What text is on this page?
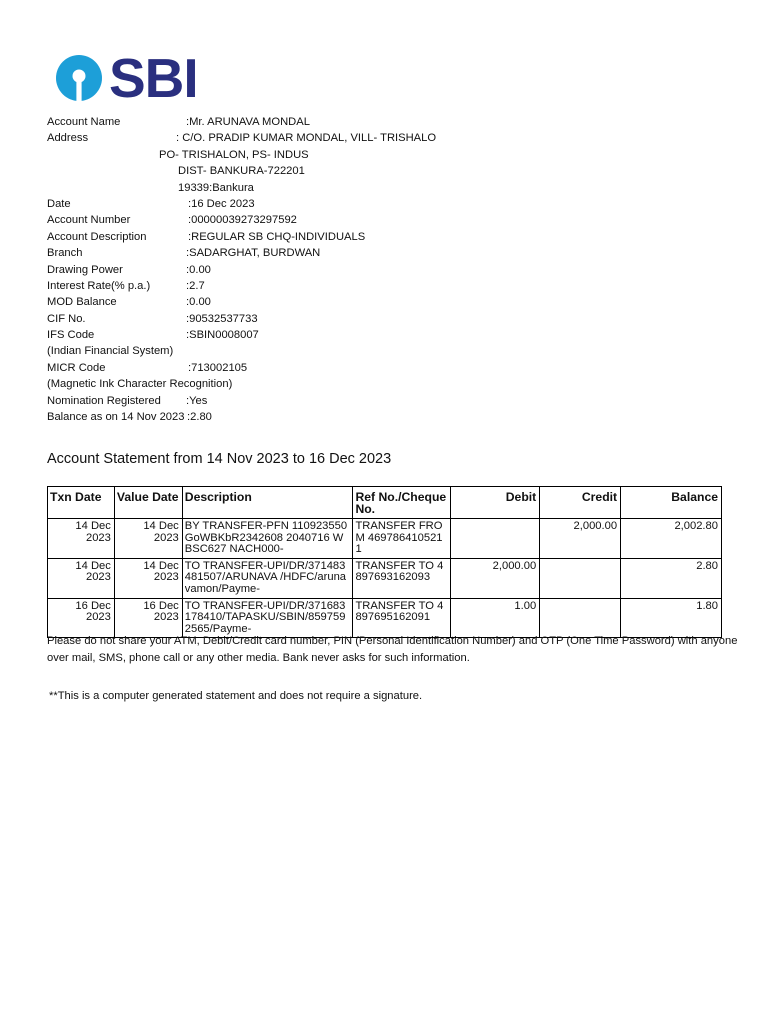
SBI
Account Name	:Mr. ARUNAVA MONDAL
Address	: C/O. PRADIP KUMAR MONDAL, VILL- TRISHALO
PO- TRISHALON, PS- INDUS
DIST- BANKURA-722201
19339:Bankura
Date	:16 Dec 2023
Account Number	:00000039273297592
Account Description	:REGULAR SB CHQ-INDIVIDUALS
Branch	:SADARGHAT, BURDWAN
Drawing Power	:0.00
Interest Rate(% p.a.)	:2.7
MOD Balance	:0.00
CIF No.	:90532537733
IFS Code	:SBIN0008007
(Indian Financial System)
MICR Code	:713002105
(Magnetic Ink Character Recognition)
Nomination Registered :Yes
Balance as on 14 Nov 2023 :2.80
Account Statement from 14 Nov 2023 to 16 Dec 2023
Txn Date	Value Date	Description	Ref No./Cheque No.	Debit	Credit	Balance
14 Dec 2023	14 Dec 2023	BY TRANSFER-PFN 110923550GoWBKbR2342608 2040716 WBSC627 NACH000-	TRANSFER FROM 4697864105211		2,000.00	2,002.80
14 Dec 2023	14 Dec 2023	TO TRANSFER-UPI/DR/371483481507/ARUNAVA /HDFC/arunavamon/Payme-	TRANSFER TO 4897693162093	2,000.00		2.80
16 Dec 2023	16 Dec 2023	TO TRANSFER-UPI/DR/371683178410/TAPASKU/SBIN/8597592565/Payme-	TRANSFER TO 4897695162091	1.00		1.80
Please do not share your ATM, Debit/Credit card number, PIN (Personal Identification Number) and OTP (One Time Password) with anyone over mail, SMS, phone call or any other media. Bank never asks for such information.
**This is a computer generated statement and does not require a signature.
